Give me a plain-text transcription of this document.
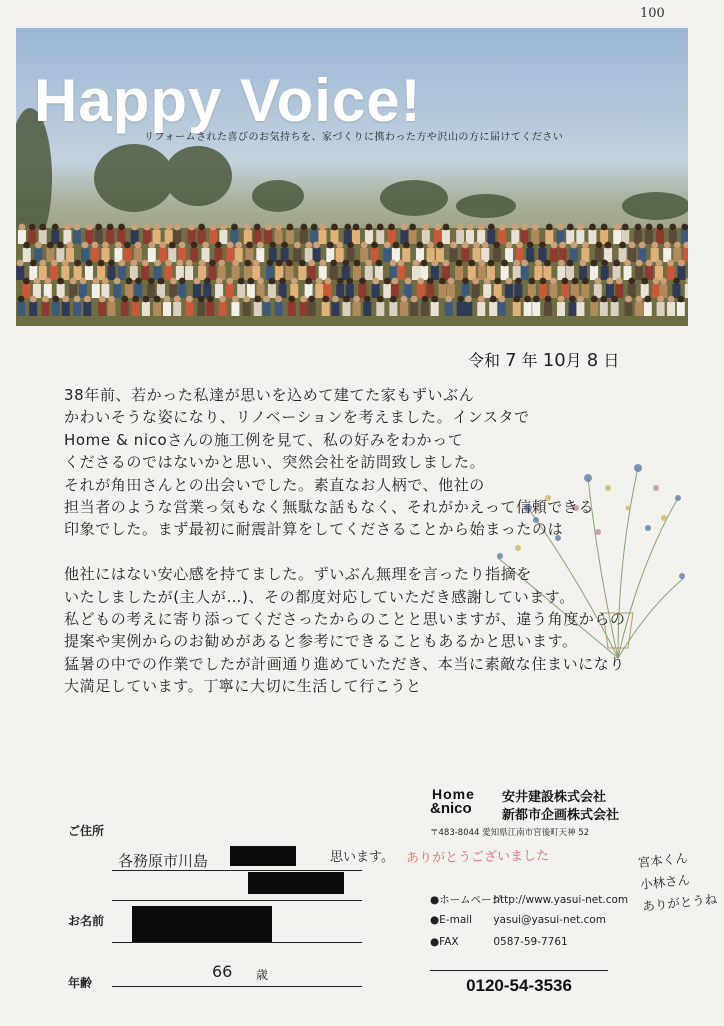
100
Happy Voice!
リフォームされた喜びのお気持ちを、家づくりに携わった方や沢山の方に届けてください
令和 7 年 10月 8 日
38年前、若かった私達が思いを込めて建てた家もずいぶん
かわいそうな姿になり、リノベーションを考えました。インスタで
Home & nicoさんの施工例を見て、私の好みをわかって
くださるのではないかと思い、突然会社を訪問致しました。
それが角田さんとの出会いでした。素直なお人柄で、他社の
担当者のような営業っ気もなく無駄な話もなく、それがかえって信頼できる
印象でした。まず最初に耐震計算をしてくださることから始まったのは
他社にはない安心感を持てました。ずいぶん無理を言ったり指摘を
いたしましたが(主人が…)、その都度対応していただき感謝しています。
私どもの考えに寄り添ってくださったからのことと思いますが、違う角度からの
提案や実例からのお勧めがあると参考にできることもあるかと思います。
猛暑の中での作業でしたが計画通り進めていただき、本当に素敵な住まいになり
大満足しています。丁寧に大切に生活して行こうと
思います。 ありがとうございました
ご住所
各務原市川島
お名前
年齢
66 歳
Home
&nico
安井建設株式会社
新都市企画株式会社
〒483-8044 愛知県江南市宮後町天神 52
●ホームページ http://www.yasui-net.com
●E-mail yasui@yasui-net.com
●FAX	0587-59-7761
0120-54-3536
宮本くん
小林さん
ありがとうね
